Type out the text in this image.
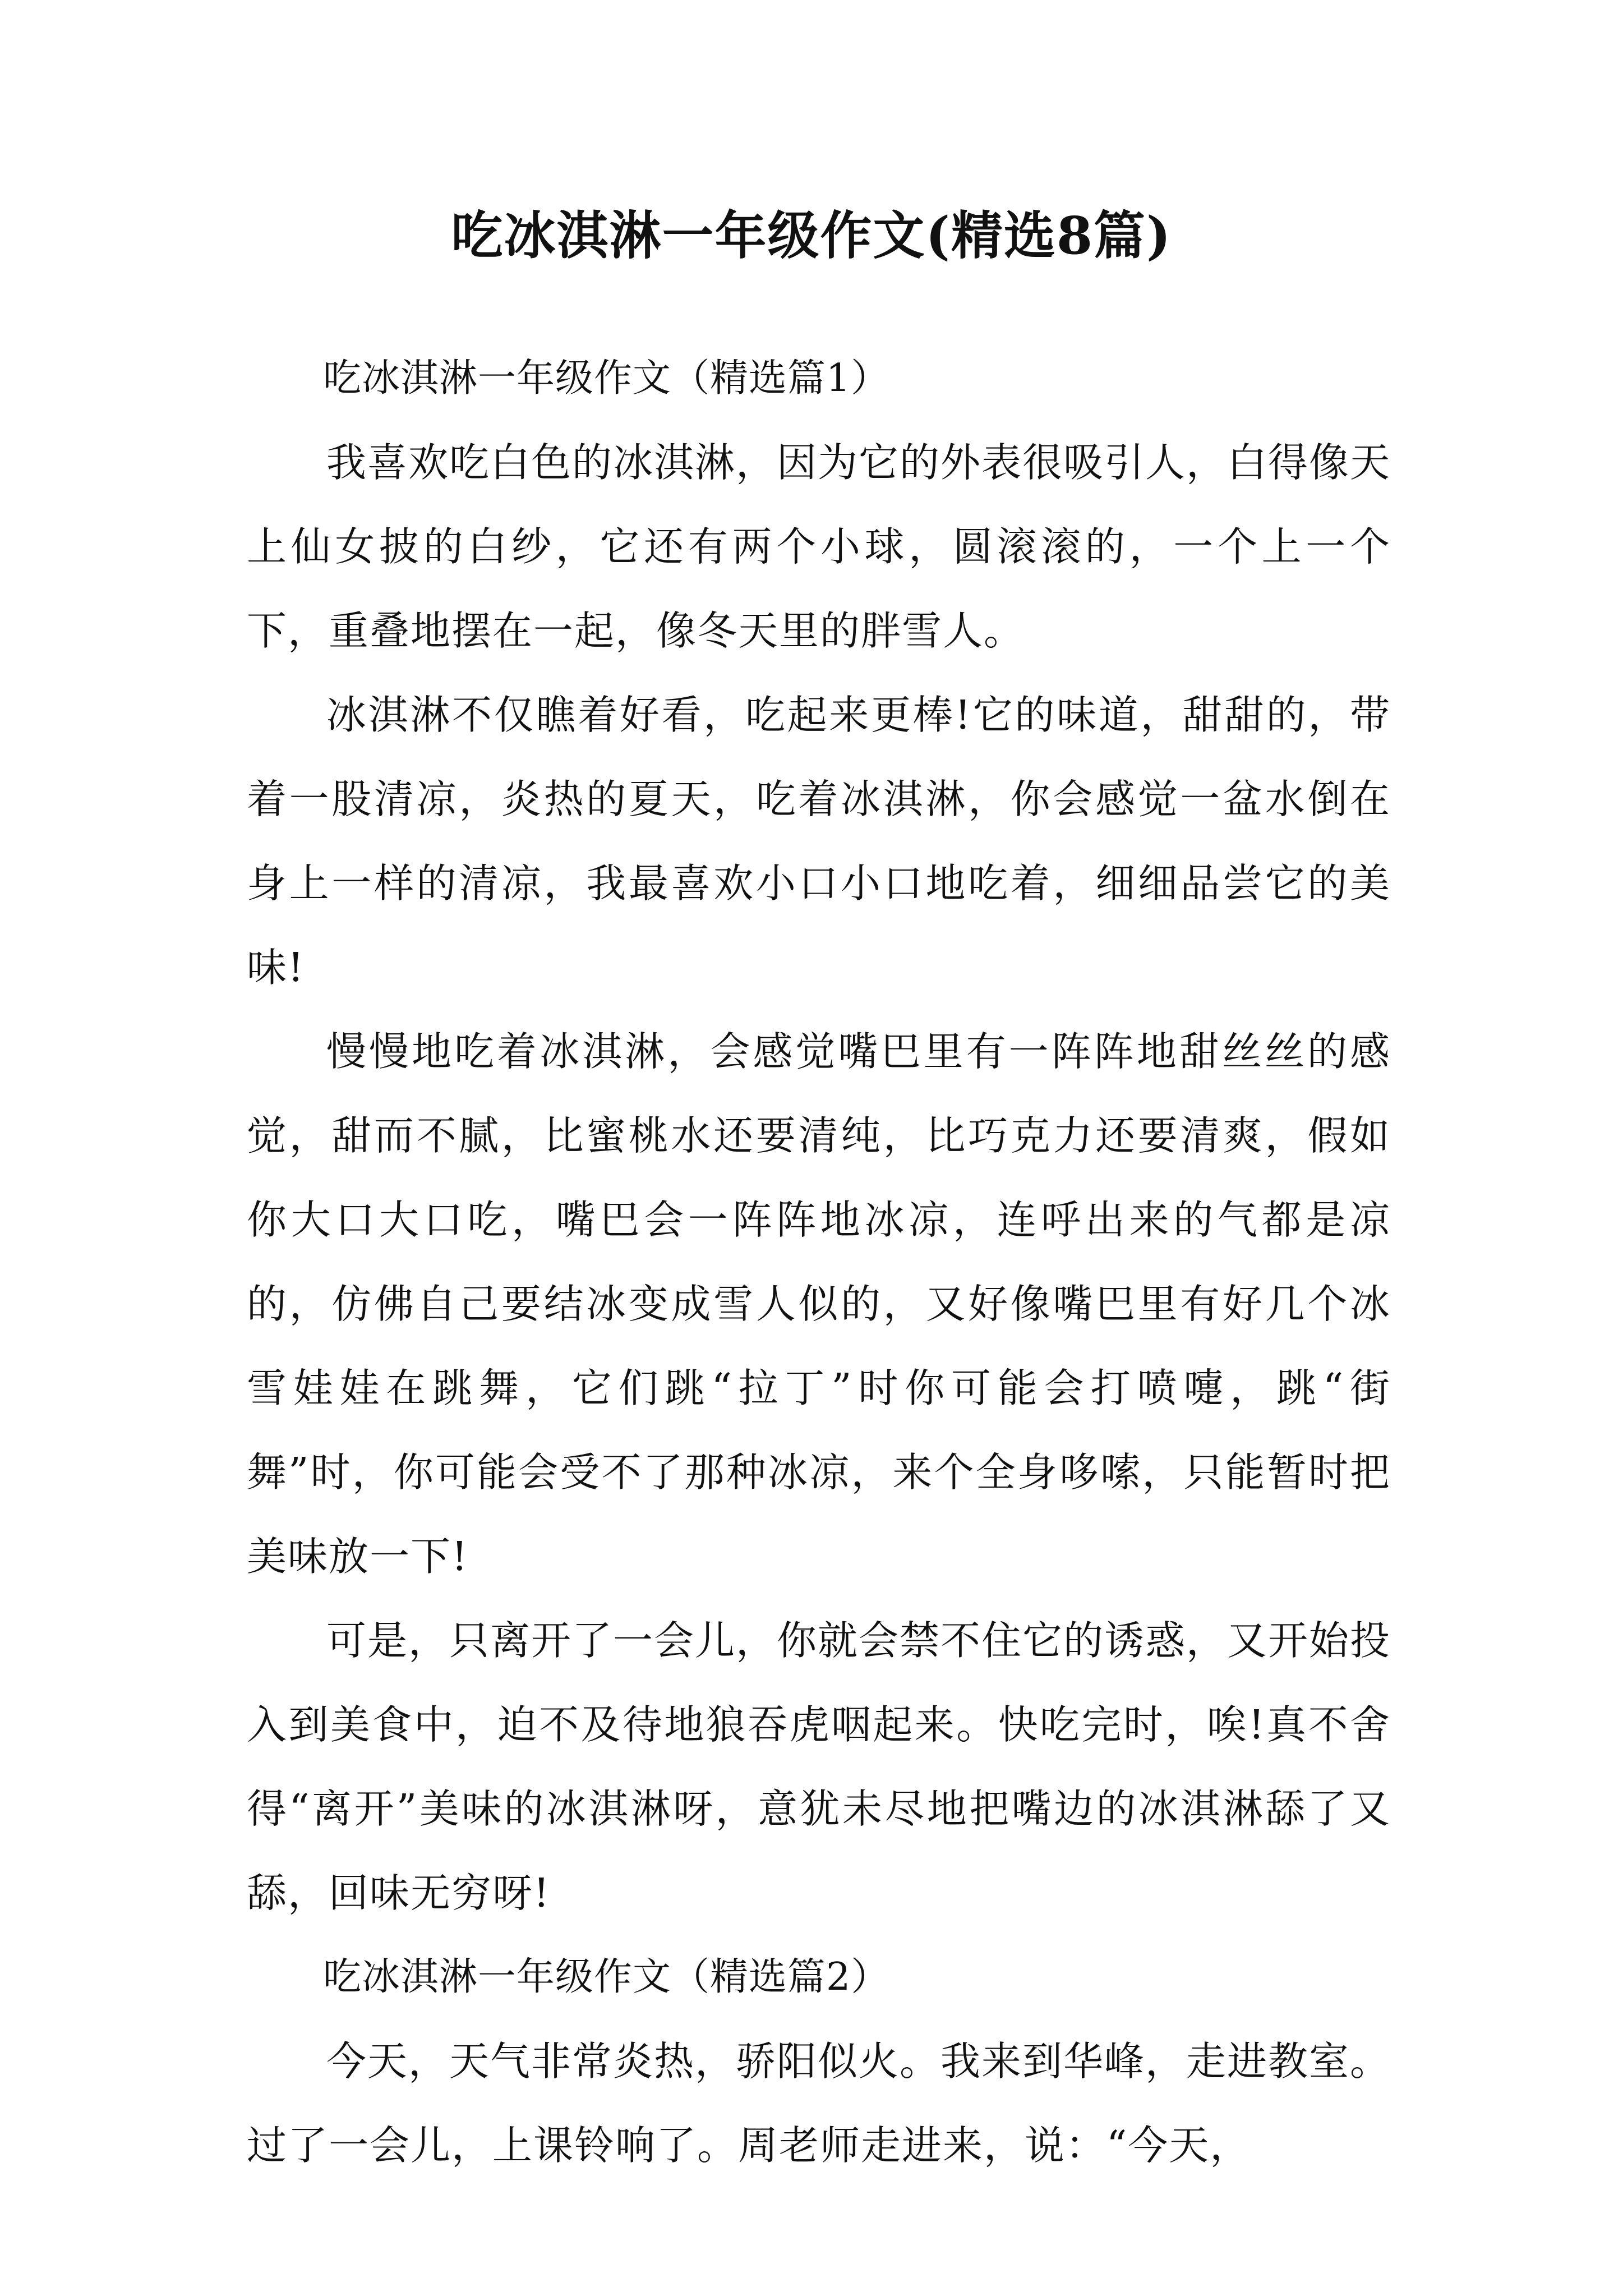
吃冰淇淋一年级作文(精选8篇)

吃冰淇淋一年级作文（精选篇1）

我喜欢吃白色的冰淇淋，因为它的外表很吸引人，白得像天上仙女披的白纱，它还有两个小球，圆滚滚的，一个上一个下，重叠地摆在一起，像冬天里的胖雪人。

冰淇淋不仅瞧着好看，吃起来更棒!它的味道，甜甜的，带着一股清凉，炎热的夏天，吃着冰淇淋，你会感觉一盆水倒在身上一样的清凉，我最喜欢小口小口地吃着，细细品尝它的美味!

慢慢地吃着冰淇淋，会感觉嘴巴里有一阵阵地甜丝丝的感觉，甜而不腻，比蜜桃水还要清纯，比巧克力还要清爽，假如你大口大口吃，嘴巴会一阵阵地冰凉，连呼出来的气都是凉的，仿佛自己要结冰变成雪人似的，又好像嘴巴里有好几个冰雪娃娃在跳舞，它们跳“拉丁”时你可能会打喷嚏，跳“街舞”时，你可能会受不了那种冰凉，来个全身哆嗦，只能暂时把美味放一下!

可是，只离开了一会儿，你就会禁不住它的诱惑，又开始投入到美食中，迫不及待地狼吞虎咽起来。快吃完时，唉!真不舍得“离开”美味的冰淇淋呀，意犹未尽地把嘴边的冰淇淋舔了又舔，回味无穷呀!

吃冰淇淋一年级作文（精选篇2）

今天，天气非常炎热，骄阳似火。我来到华峰，走进教室。过了一会儿，上课铃响了。周老师走进来，说：“今天，
